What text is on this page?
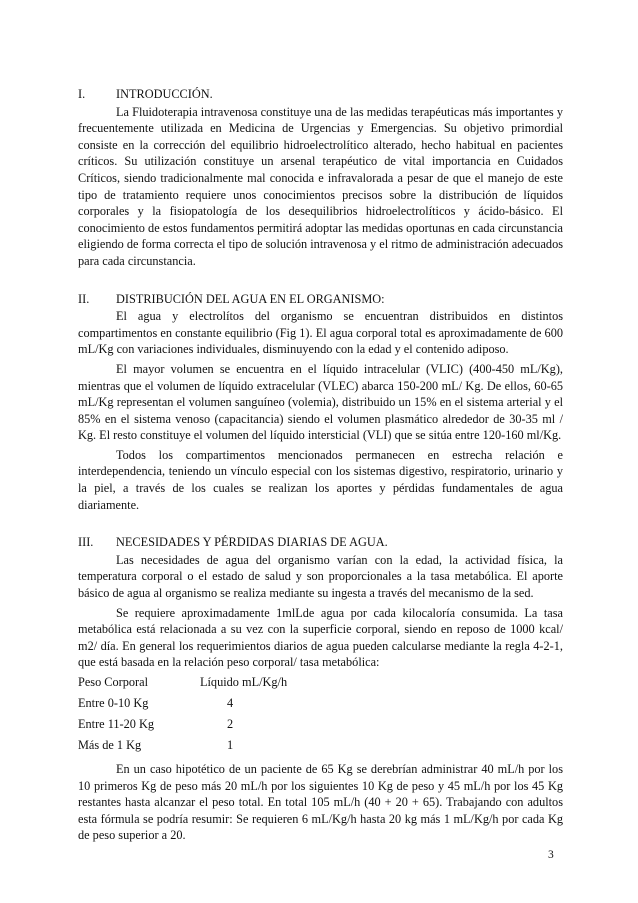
I.	INTRODUCCIÓN.

La Fluidoterapia intravenosa constituye una de las medidas terapéuticas más importantes y frecuentemente utilizada en Medicina de Urgencias y Emergencias. Su objetivo primordial consiste en la corrección del equilibrio hidroelectrolítico alterado, hecho habitual en pacientes críticos. Su utilización constituye un arsenal terapéutico de vital importancia en Cuidados Críticos, siendo tradicionalmente mal conocida e infravalorada a pesar de que el manejo de este tipo de tratamiento requiere unos conocimientos precisos sobre la distribución de líquidos corporales y la fisiopatología de los desequilibrios hidroelectrolíticos y ácido-básico. El conocimiento de estos fundamentos permitirá adoptar las medidas oportunas en cada circunstancia eligiendo de forma correcta el tipo de solución intravenosa y el ritmo de administración adecuados para cada circunstancia.

II.	DISTRIBUCIÓN DEL AGUA EN EL ORGANISMO:

El agua y electrolítos del organismo se encuentran distribuidos en distintos compartimentos en constante equilibrio (Fig 1). El agua corporal total es aproximadamente de 600 mL/Kg con variaciones individuales, disminuyendo con la edad y el contenido adiposo.

El mayor volumen se encuentra en el líquido intracelular (VLIC) (400-450 mL/Kg), mientras que el volumen de líquido extracelular (VLEC) abarca 150-200 mL/ Kg. De ellos, 60-65 mL/Kg representan el volumen sanguíneo (volemia), distribuido un 15% en el sistema arterial y el 85% en el sistema venoso (capacitancia) siendo el volumen plasmático alrededor de 30-35 ml / Kg. El resto constituye el volumen del líquido intersticial (VLI) que se sitúa entre 120-160 ml/Kg.

Todos los compartimentos mencionados permanecen en estrecha relación e interdependencia, teniendo un vínculo especial con los sistemas digestivo, respiratorio, urinario y la piel, a través de los cuales se realizan los aportes y pérdidas fundamentales de agua diariamente.

III.	NECESIDADES Y PÉRDIDAS DIARIAS DE AGUA.

Las necesidades de agua del organismo varían con la edad, la actividad física, la temperatura corporal o el estado de salud y son proporcionales a la tasa metabólica. El aporte básico de agua al organismo se realiza mediante su ingesta a través del mecanismo de la sed.

Se requiere aproximadamente 1mlLde agua por cada kilocaloría consumida. La tasa metabólica está relacionada a su vez con la superficie corporal, siendo en reposo de 1000 kcal/ m2/ día. En general los requerimientos diarios de agua pueden calcularse mediante la regla 4-2-1, que está basada en la relación peso corporal/ tasa metabólica:

Peso Corporal	Líquido mL/Kg/h
Entre 0-10 Kg	4
Entre 11-20 Kg	2
Más de 1 Kg	1

En un caso hipotético de un paciente de 65 Kg se derebrían administrar 40 mL/h por los 10 primeros Kg de peso más 20 mL/h por los siguientes 10 Kg de peso y 45 mL/h por los 45 Kg restantes hasta alcanzar el peso total. En total 105 mL/h (40 + 20 + 65). Trabajando con adultos esta fórmula se podría resumir: Se requieren 6 mL/Kg/h hasta 20 kg más 1 mL/Kg/h por cada Kg de peso superior a 20.

3
